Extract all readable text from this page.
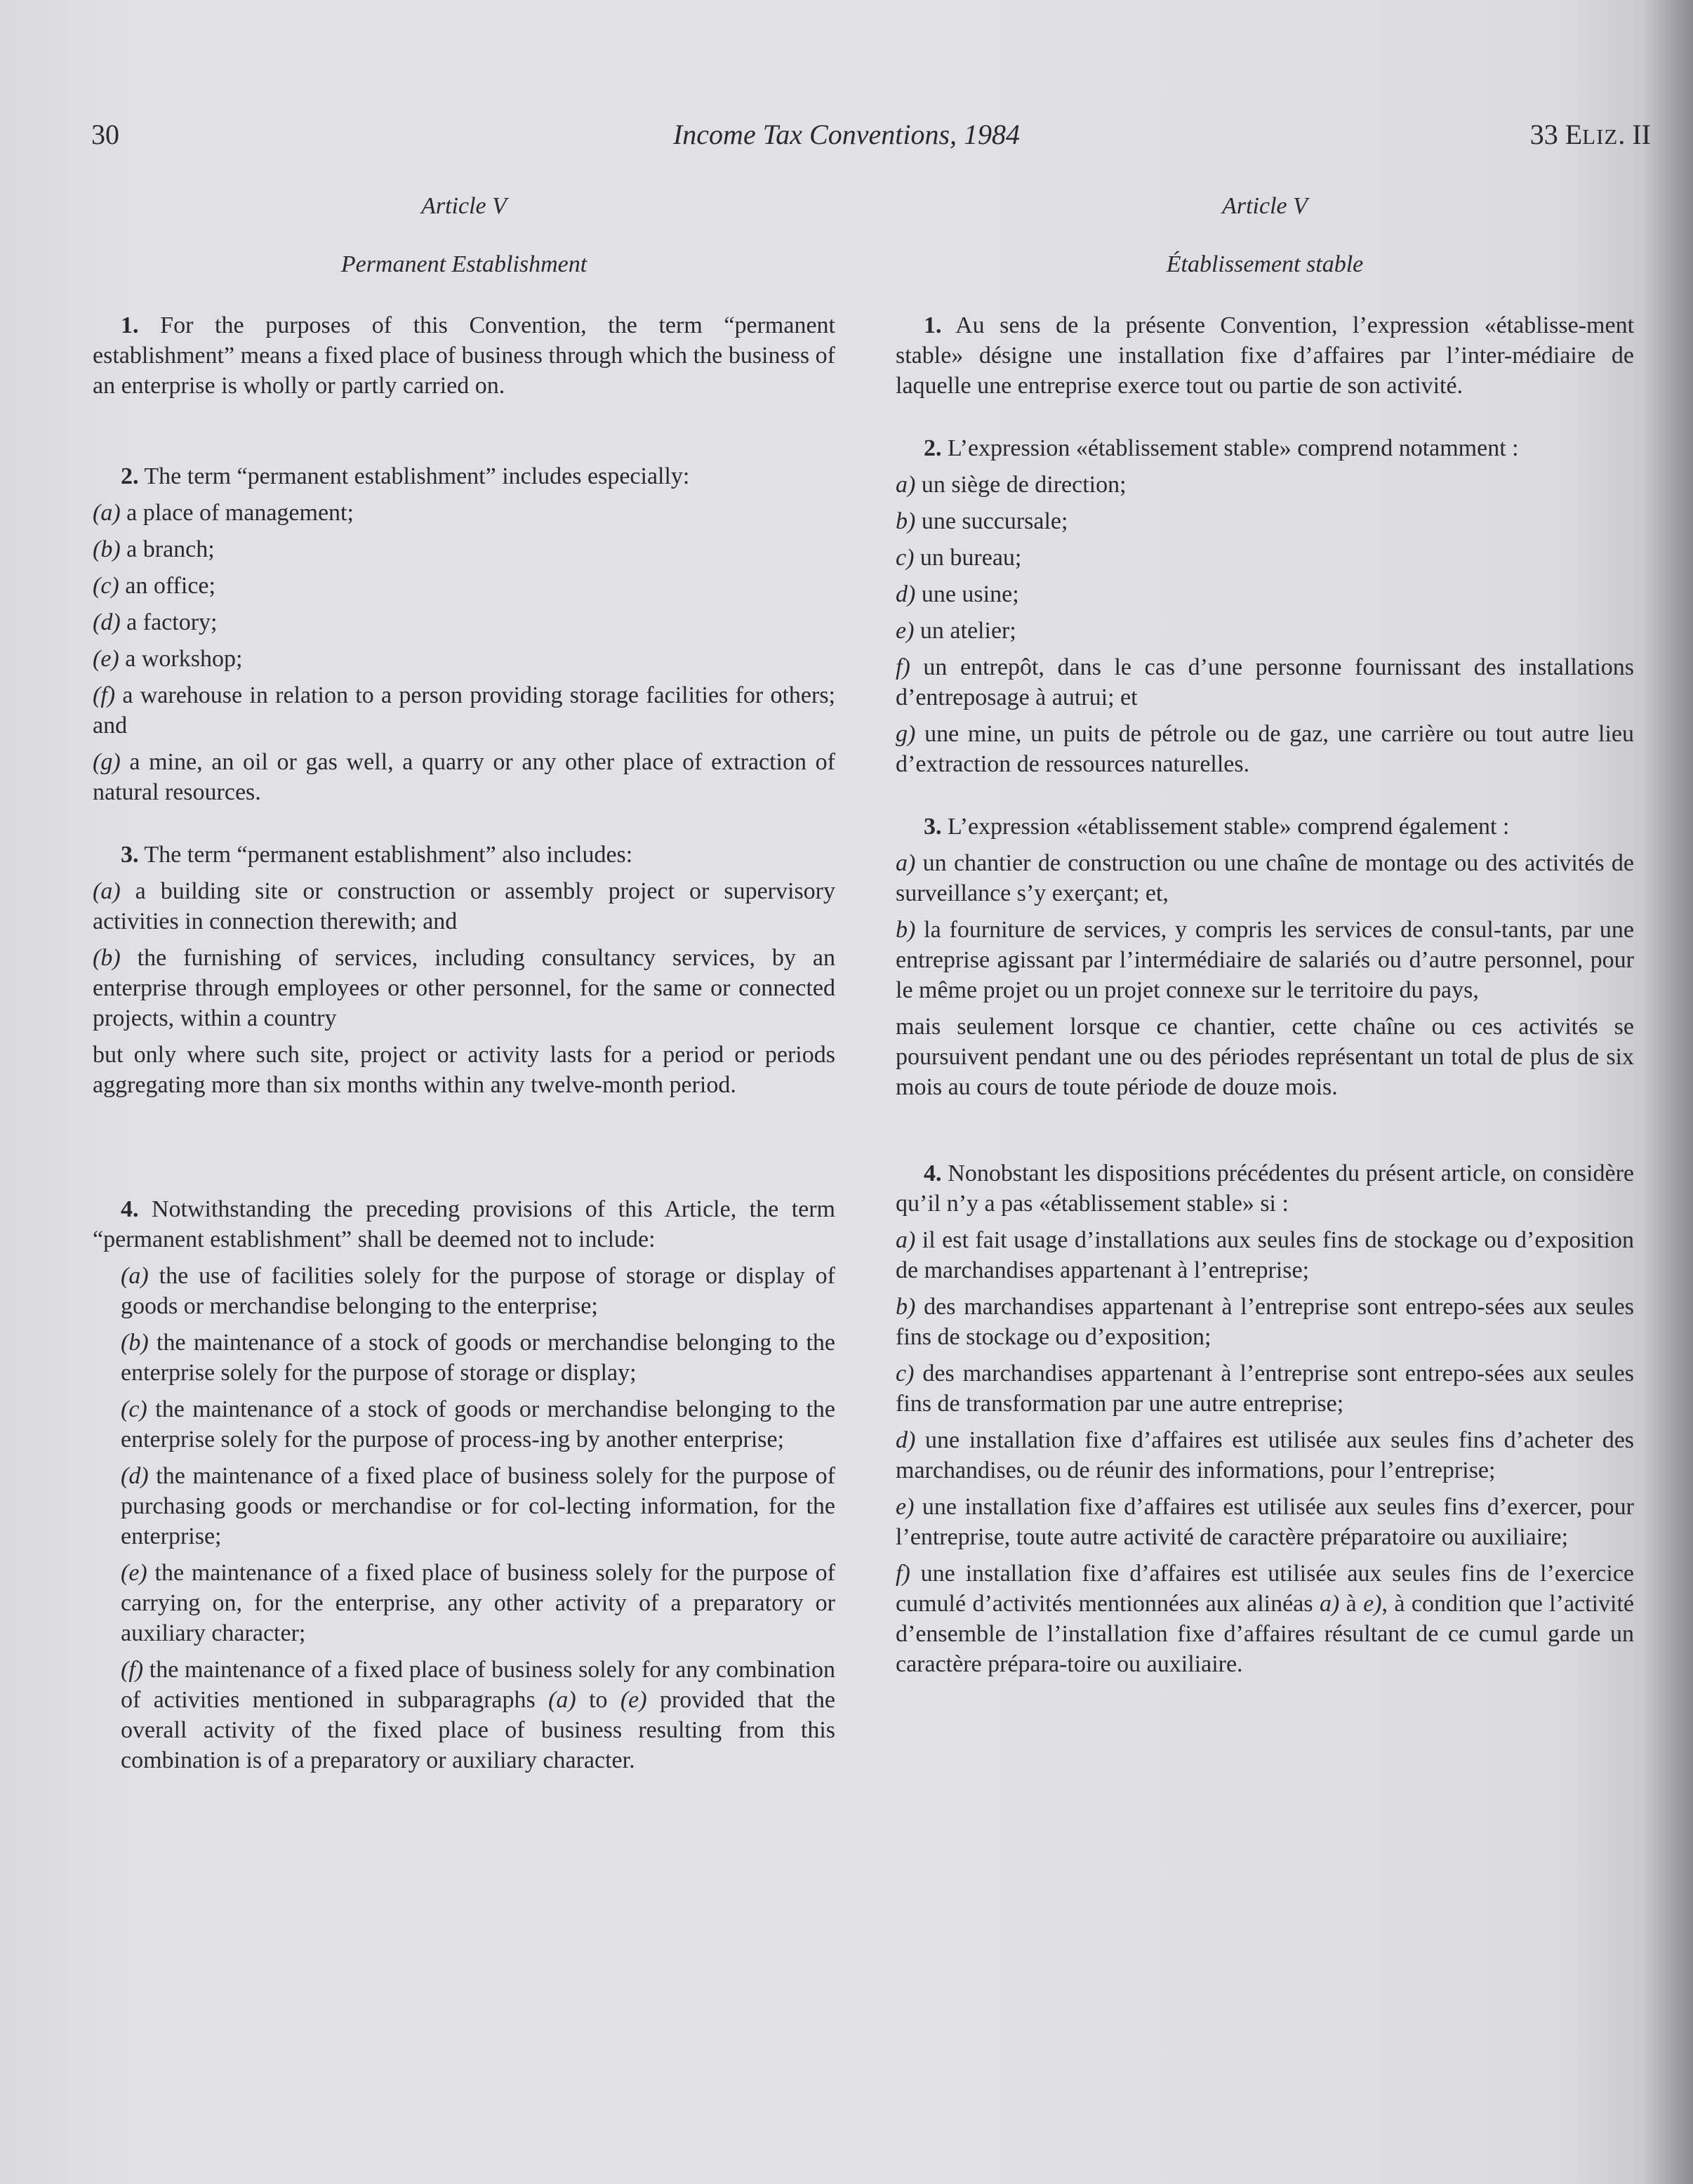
30	Income Tax Conventions, 1984	33 ELIZ. II

Article V

Permanent Establishment

1. For the purposes of this Convention, the term “permanent establishment” means a fixed place of business through which the business of an enterprise is wholly or partly carried on.

2. The term “permanent establishment” includes especially:

(a) a place of management;

(b) a branch;

(c) an office;

(d) a factory;

(e) a workshop;

(f) a warehouse in relation to a person providing storage facilities for others; and

(g) a mine, an oil or gas well, a quarry or any other place of extraction of natural resources.

3. The term “permanent establishment” also includes:

(a) a building site or construction or assembly project or supervisory activities in connection therewith; and

(b) the furnishing of services, including consultancy services, by an enterprise through employees or other personnel, for the same or connected projects, within a country

but only where such site, project or activity lasts for a period or periods aggregating more than six months within any twelve-month period.

4. Notwithstanding the preceding provisions of this Article, the term “permanent establishment” shall be deemed not to include:

(a) the use of facilities solely for the purpose of storage or display of goods or merchandise belonging to the enterprise;

(b) the maintenance of a stock of goods or merchandise belonging to the enterprise solely for the purpose of storage or display;

(c) the maintenance of a stock of goods or merchandise belonging to the enterprise solely for the purpose of process-ing by another enterprise;

(d) the maintenance of a fixed place of business solely for the purpose of purchasing goods or merchandise or for col-lecting information, for the enterprise;

(e) the maintenance of a fixed place of business solely for the purpose of carrying on, for the enterprise, any other activity of a preparatory or auxiliary character;

(f) the maintenance of a fixed place of business solely for any combination of activities mentioned in subparagraphs (a) to (e) provided that the overall activity of the fixed place of business resulting from this combination is of a preparatory or auxiliary character.

Article V

Établissement stable

1. Au sens de la présente Convention, l’expression «établisse-ment stable» désigne une installation fixe d’affaires par l’inter-médiaire de laquelle une entreprise exerce tout ou partie de son activité.

2. L’expression «établissement stable» comprend notamment :

a) un siège de direction;

b) une succursale;

c) un bureau;

d) une usine;

e) un atelier;

f) un entrepôt, dans le cas d’une personne fournissant des installations d’entreposage à autrui; et

g) une mine, un puits de pétrole ou de gaz, une carrière ou tout autre lieu d’extraction de ressources naturelles.

3. L’expression «établissement stable» comprend également :

a) un chantier de construction ou une chaîne de montage ou des activités de surveillance s’y exerçant; et,

b) la fourniture de services, y compris les services de consul-tants, par une entreprise agissant par l’intermédiaire de salariés ou d’autre personnel, pour le même projet ou un projet connexe sur le territoire du pays,

mais seulement lorsque ce chantier, cette chaîne ou ces activités se poursuivent pendant une ou des périodes représentant un total de plus de six mois au cours de toute période de douze mois.

4. Nonobstant les dispositions précédentes du présent article, on considère qu’il n’y a pas «établissement stable» si :

a) il est fait usage d’installations aux seules fins de stockage ou d’exposition de marchandises appartenant à l’entreprise;

b) des marchandises appartenant à l’entreprise sont entrepo-sées aux seules fins de stockage ou d’exposition;

c) des marchandises appartenant à l’entreprise sont entrepo-sées aux seules fins de transformation par une autre entreprise;

d) une installation fixe d’affaires est utilisée aux seules fins d’acheter des marchandises, ou de réunir des informations, pour l’entreprise;

e) une installation fixe d’affaires est utilisée aux seules fins d’exercer, pour l’entreprise, toute autre activité de caractère préparatoire ou auxiliaire;

f) une installation fixe d’affaires est utilisée aux seules fins de l’exercice cumulé d’activités mentionnées aux alinéas a) à e), à condition que l’activité d’ensemble de l’installation fixe d’affaires résultant de ce cumul garde un caractère prépara-toire ou auxiliaire.
